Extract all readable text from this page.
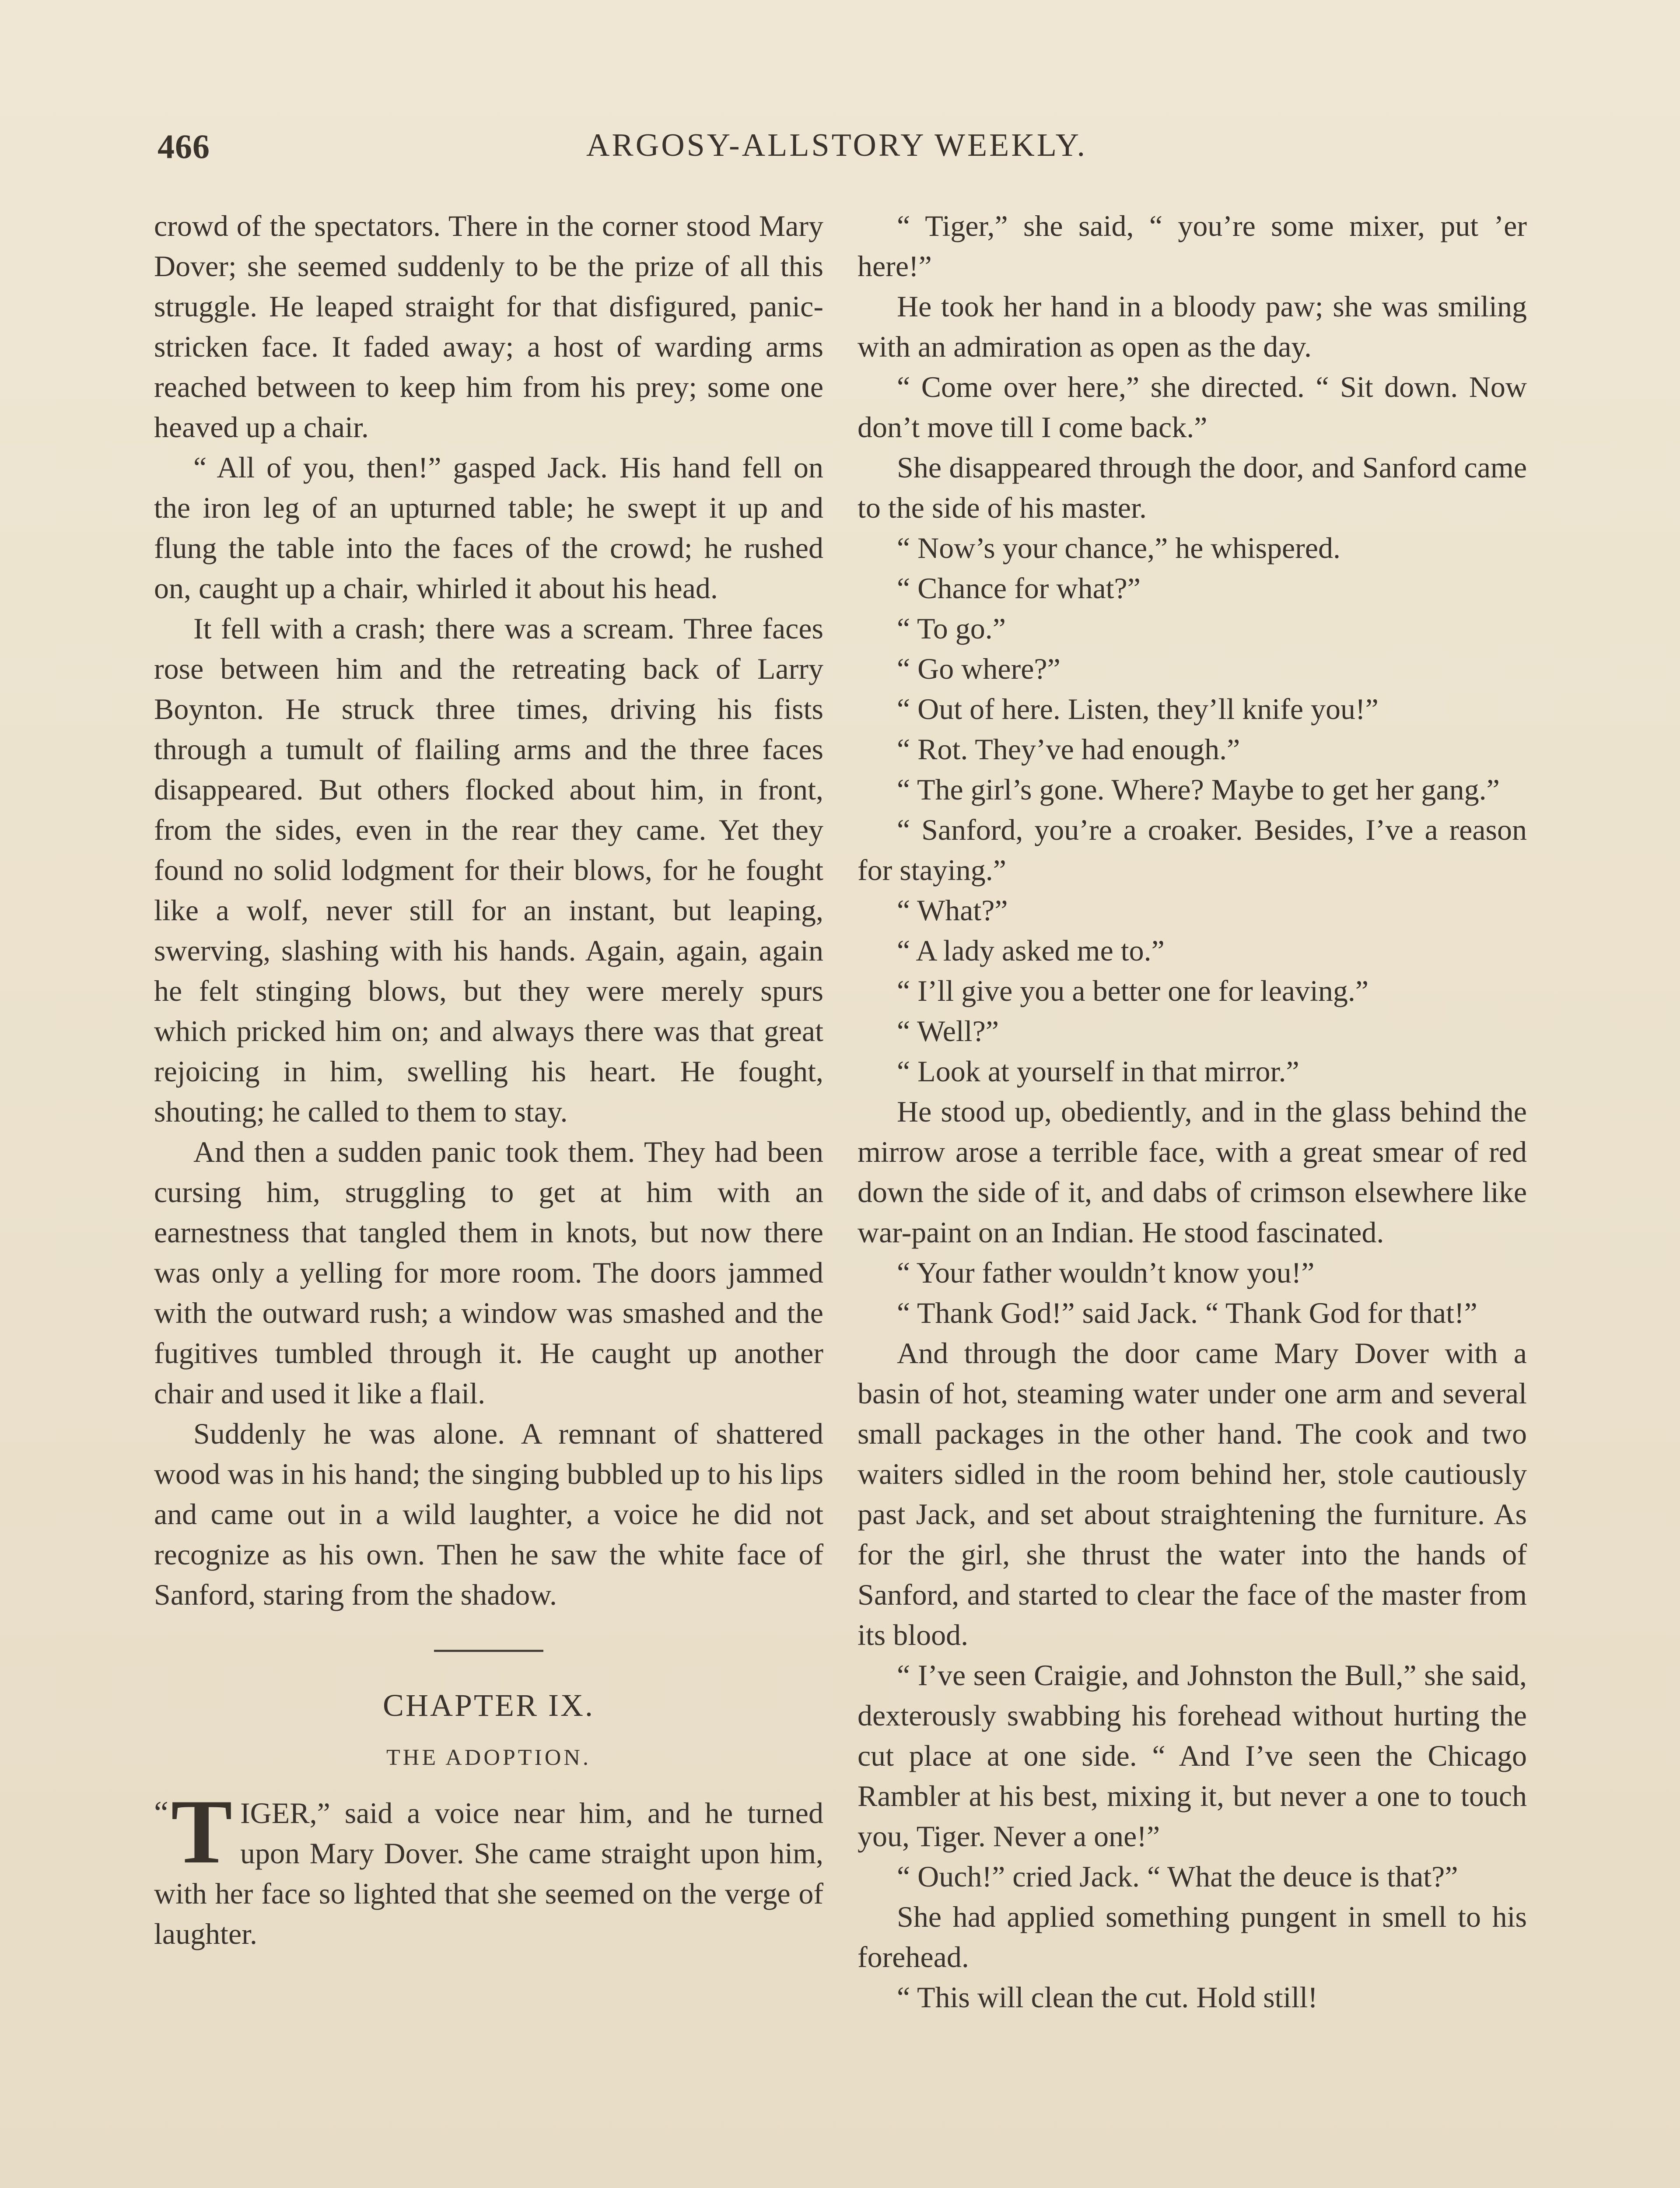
466	ARGOSY-ALLSTORY WEEKLY.

crowd of the spectators. There in the corner stood Mary Dover; she seemed suddenly to be the prize of all this struggle. He leaped straight for that disfigured, panic-stricken face. It faded away; a host of warding arms reached between to keep him from his prey; some one heaved up a chair.

“ All of you, then!” gasped Jack. His hand fell on the iron leg of an upturned table; he swept it up and flung the table into the faces of the crowd; he rushed on, caught up a chair, whirled it about his head.

It fell with a crash; there was a scream. Three faces rose between him and the retreating back of Larry Boynton. He struck three times, driving his fists through a tumult of flailing arms and the three faces disappeared. But others flocked about him, in front, from the sides, even in the rear they came. Yet they found no solid lodgment for their blows, for he fought like a wolf, never still for an instant, but leaping, swerving, slashing with his hands. Again, again, again he felt stinging blows, but they were merely spurs which pricked him on; and always there was that great rejoicing in him, swelling his heart. He fought, shouting; he called to them to stay.

And then a sudden panic took them. They had been cursing him, struggling to get at him with an earnestness that tangled them in knots, but now there was only a yelling for more room. The doors jammed with the outward rush; a window was smashed and the fugitives tumbled through it. He caught up another chair and used it like a flail.

Suddenly he was alone. A remnant of shattered wood was in his hand; the singing bubbled up to his lips and came out in a wild laughter, a voice he did not recognize as his own. Then he saw the white face of Sanford, staring from the shadow.

CHAPTER IX.
THE ADOPTION.

“ T IGER,” said a voice near him, and he turned upon Mary Dover. She came straight upon him, with her face so lighted that she seemed on the verge of laughter.

“ Tiger,” she said, “ you’re some mixer, put ’er here!”

He took her hand in a bloody paw; she was smiling with an admiration as open as the day.

“ Come over here,” she directed. “ Sit down. Now don’t move till I come back.”

She disappeared through the door, and Sanford came to the side of his master.

“ Now’s your chance,” he whispered.

“ Chance for what?”

“ To go.”

“ Go where?”

“ Out of here. Listen, they’ll knife you!”

“ Rot. They’ve had enough.”

“ The girl’s gone. Where? Maybe to get her gang.”

“ Sanford, you’re a croaker. Besides, I’ve a reason for staying.”

“ What?”

“ A lady asked me to.”

“ I’ll give you a better one for leaving.”

“ Well?”

“ Look at yourself in that mirror.”

He stood up, obediently, and in the glass behind the mirrow arose a terrible face, with a great smear of red down the side of it, and dabs of crimson elsewhere like war-paint on an Indian. He stood fascinated.

“ Your father wouldn’t know you!”

“ Thank God!” said Jack. “ Thank God for that!”

And through the door came Mary Dover with a basin of hot, steaming water under one arm and several small packages in the other hand. The cook and two waiters sidled in the room behind her, stole cautiously past Jack, and set about straightening the furniture. As for the girl, she thrust the water into the hands of Sanford, and started to clear the face of the master from its blood.

“ I’ve seen Craigie, and Johnston the Bull,” she said, dexterously swabbing his forehead without hurting the cut place at one side. “ And I’ve seen the Chicago Rambler at his best, mixing it, but never a one to touch you, Tiger. Never a one!”

“ Ouch!” cried Jack. “ What the deuce is that?”

She had applied something pungent in smell to his forehead.

“ This will clean the cut. Hold still!
